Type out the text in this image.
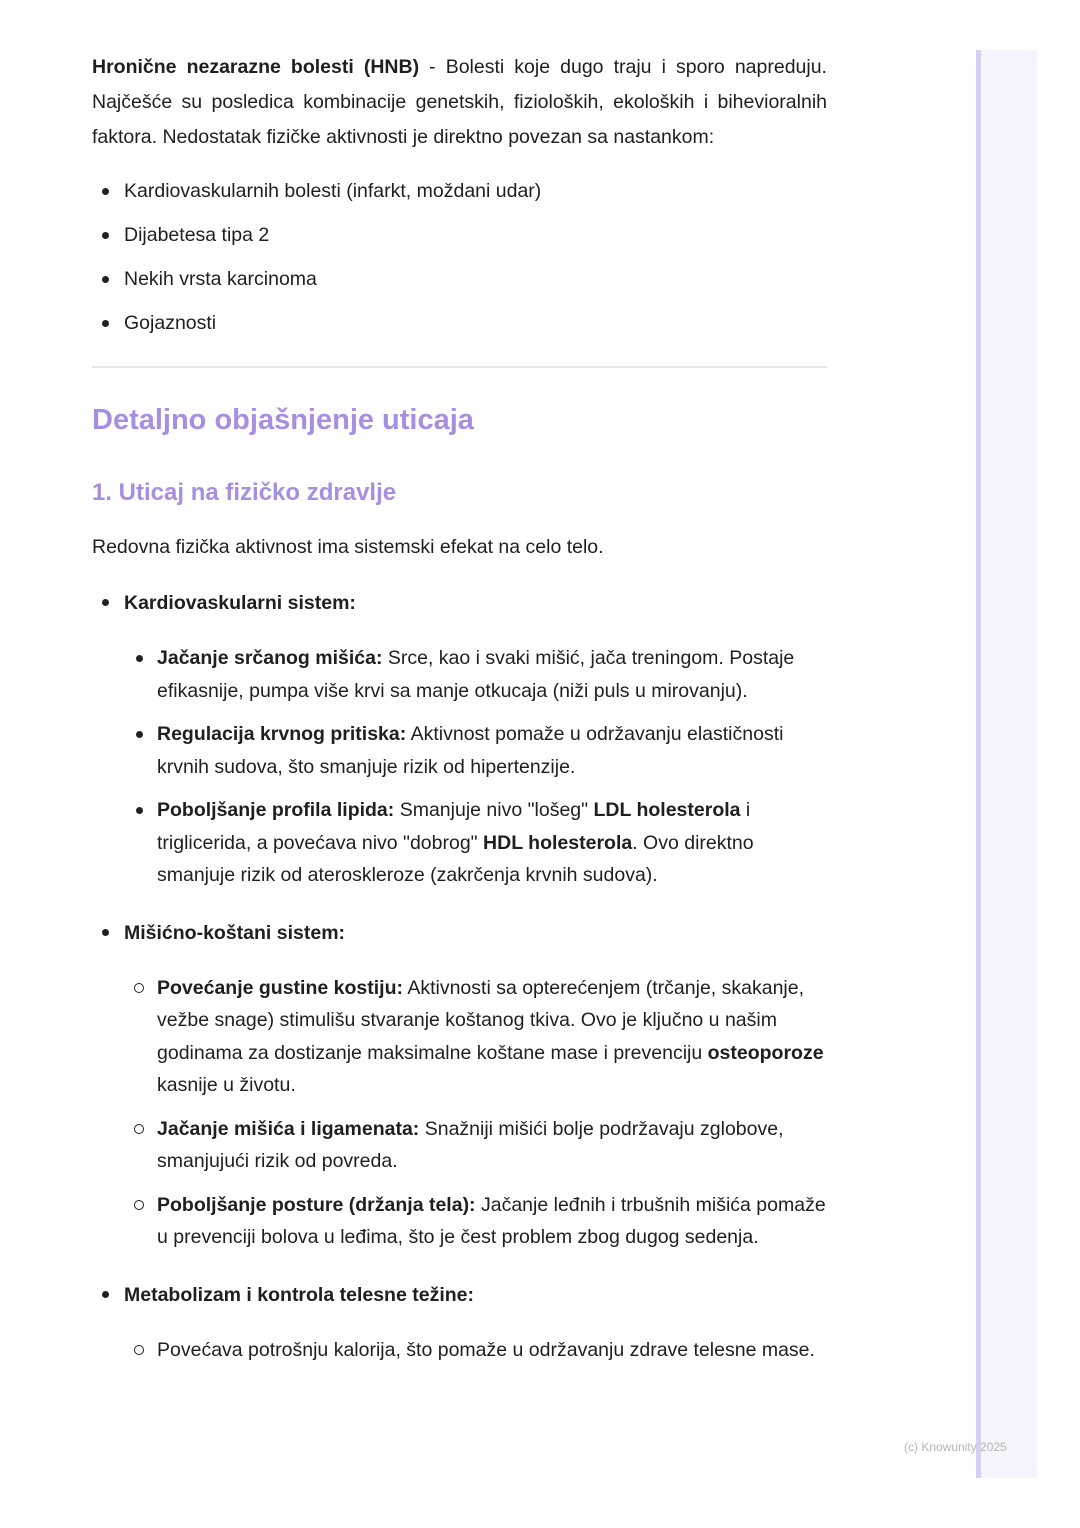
Hronične nezarazne bolesti (HNB) - Bolesti koje dugo traju i sporo napreduju. Najčešće su posledica kombinacije genetskih, fizioloških, ekoloških i bihevioralnih faktora. Nedostatak fizičke aktivnosti je direktno povezan sa nastankom:

Kardiovaskularnih bolesti (infarkt, moždani udar)
Dijabetesa tipa 2
Nekih vrsta karcinoma
Gojaznosti
Detaljno objašnjenje uticaja
1. Uticaj na fizičko zdravlje

Redovna fizička aktivnost ima sistemski efekat na celo telo.

Kardiovaskularni sistem:
Jačanje srčanog mišića: Srce, kao i svaki mišić, jača treningom. Postaje efikasnije, pumpa više krvi sa manje otkucaja (niži puls u mirovanju).
Regulacija krvnog pritiska: Aktivnost pomaže u održavanju elastičnosti krvnih sudova, što smanjuje rizik od hipertenzije.
Poboljšanje profila lipida: Smanjuje nivo "lošeg" LDL holesterola i triglicerida, a povećava nivo "dobrog" HDL holesterola. Ovo direktno smanjuje rizik od ateroskleroze (zakrčenja krvnih sudova).
Mišićno-koštani sistem:
Povećanje gustine kostiju: Aktivnosti sa opterećenjem (trčanje, skakanje, vežbe snage) stimulišu stvaranje koštanog tkiva. Ovo je ključno u našim godinama za dostizanje maksimalne koštane mase i prevenciju osteoporoze kasnije u životu.
Jačanje mišića i ligamenata: Snažniji mišići bolje podržavaju zglobove, smanjujući rizik od povreda.
Poboljšanje posture (držanja tela): Jačanje leđnih i trbušnih mišića pomaže u prevenciji bolova u leđima, što je čest problem zbog dugog sedenja.
Metabolizam i kontrola telesne težine:
Povećava potrošnju kalorija, što pomaže u održavanju zdrave telesne mase.
(c) Knowunity 2025
